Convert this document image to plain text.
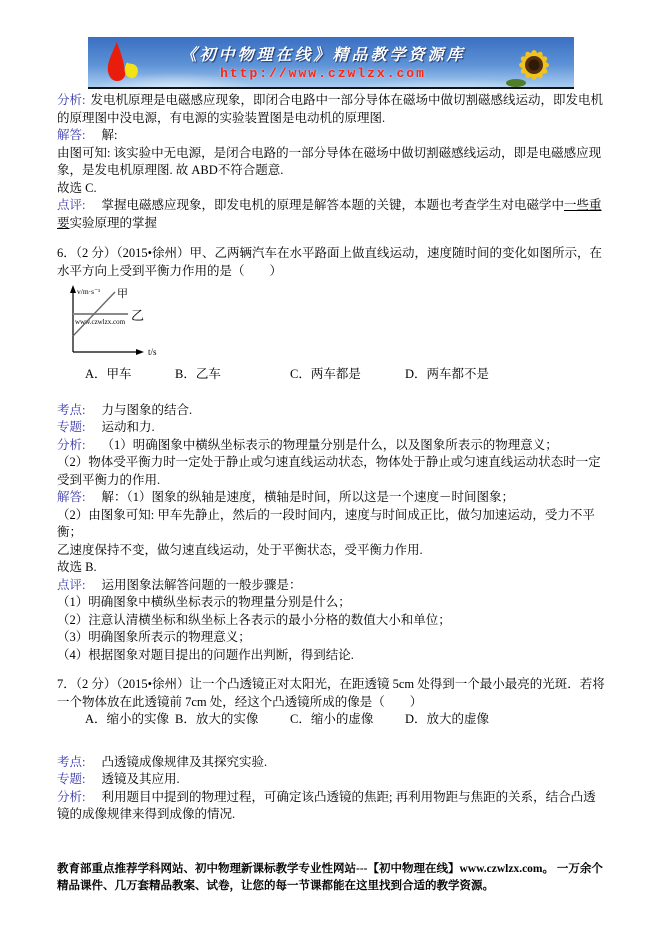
《初中物理在线》精品教学资源库
http://www.czwlzx.com

分析: 发电机原理是电磁感应现象，即闭合电路中一部分导体在磁场中做切割磁感线运动，即发电机的原理图中没电源，有电源的实验装置图是电动机的原理图.

解答: 解:

由图可知: 该实验中无电源，是闭合电路的一部分导体在磁场中做切割磁感线运动，即是电磁感应现象，是发电机原理图. 故 ABD不符合题意.

故选 C.

点评: 掌握电磁感应现象，即发电机的原理是解答本题的关键，本题也考查学生对电磁学中一些重要实验原理的掌握

6．（2 分）（2015•徐州）甲、乙两辆汽车在水平路面上做直线运动，速度随时间的变化如图所示，在水平方向上受到平衡力作用的是（　　）

www.czwlzx.com
v/m·s⁻¹
t/s
乙
甲
A．甲车	B．乙车	C．两车都是	D．两车都不是

考点: 力与图象的结合.

专题: 运动和力.

分析: （1）明确图象中横纵坐标表示的物理量分别是什么，以及图象所表示的物理意义；

（2）物体受平衡力时一定处于静止或匀速直线运动状态，物体处于静止或匀速直线运动状态时一定受到平衡力的作用.

解答: 解：（1）图象的纵轴是速度，横轴是时间，所以这是一个速度－时间图象；

（2）由图象可知: 甲车先静止，然后的一段时间内，速度与时间成正比，做匀加速运动，受力不平衡；

乙速度保持不变，做匀速直线运动，处于平衡状态，受平衡力作用.

故选 B.

点评: 运用图象法解答问题的一般步骤是：

（1）明确图象中横纵坐标表示的物理量分别是什么；

（2）注意认清横坐标和纵坐标上各表示的最小分格的数值大小和单位；

（3）明确图象所表示的物理意义；

（4）根据图象对题目提出的问题作出判断，得到结论.

7．（2 分）（2015•徐州）让一个凸透镜正对太阳光，在距透镜 5cm 处得到一个最小最亮的光斑．若将一个物体放在此透镜前 7cm 处，经这个凸透镜所成的像是（　　）

A．缩小的实像 B．放大的实像	C．缩小的虚像	D．放大的虚像

考点: 凸透镜成像规律及其探究实验.

专题: 透镜及其应用.

分析: 利用题目中提到的物理过程，可确定该凸透镜的焦距; 再利用物距与焦距的关系，结合凸透镜的成像规律来得到成像的情况.

教育部重点推荐学科网站、初中物理新课标教学专业性网站---【初中物理在线】www.czwlzx.com。 一万余个精品课件、几万套精品教案、试卷，让您的每一节课都能在这里找到合适的教学资源。
